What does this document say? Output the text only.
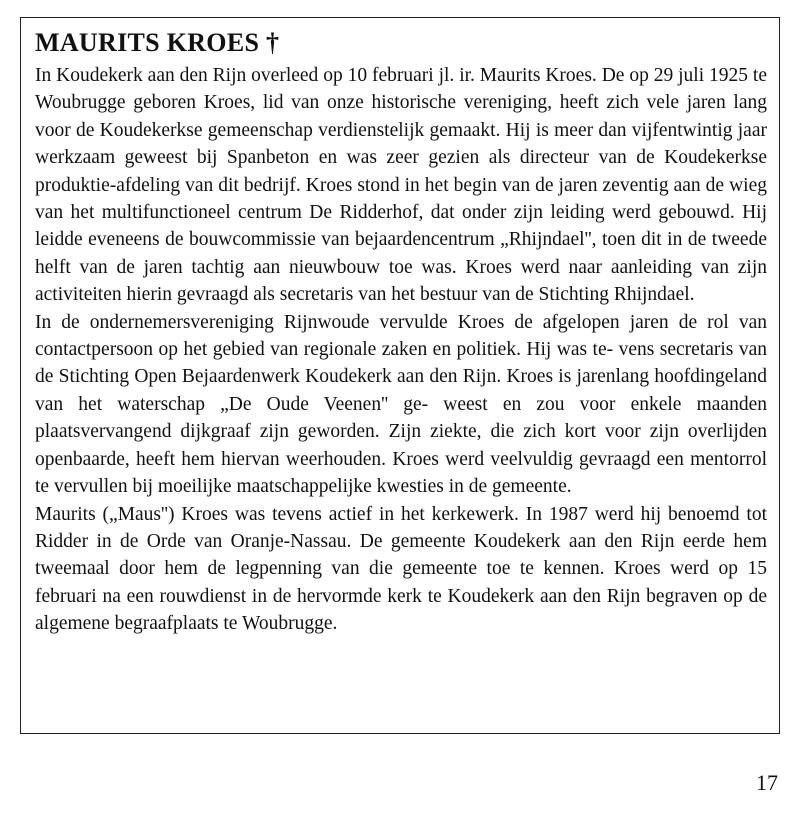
MAURITS KROES †

In Koudekerk aan den Rijn overleed op 10 februari jl. ir. Maurits Kroes. De op 29 juli 1925 te Woubrugge geboren Kroes, lid van onze historische vereniging, heeft zich vele jaren lang voor de Koudekerkse gemeenschap verdienstelijk gemaakt. Hij is meer dan vijfentwintig jaar werkzaam geweest bij Spanbeton en was zeer gezien als directeur van de Koudekerkse produktie-afdeling van dit bedrijf. Kroes stond in het begin van de jaren zeventig aan de wieg van het multifunctioneel centrum De Ridderhof, dat onder zijn leiding werd gebouwd. Hij leidde eveneens de bouwcommissie van bejaardencentrum „Rhijndael'', toen dit in de tweede helft van de jaren tachtig aan nieuwbouw toe was. Kroes werd naar aanleiding van zijn activiteiten hierin gevraagd als secretaris van het bestuur van de Stichting Rhijndael.

In de ondernemersvereniging Rijnwoude vervulde Kroes de afgelopen jaren de rol van contactpersoon op het gebied van regionale zaken en politiek. Hij was te- vens secretaris van de Stichting Open Bejaardenwerk Koudekerk aan den Rijn. Kroes is jarenlang hoofdingeland van het waterschap „De Oude Veenen'' ge- weest en zou voor enkele maanden plaatsvervangend dijkgraaf zijn geworden. Zijn ziekte, die zich kort voor zijn overlijden openbaarde, heeft hem hiervan weerhouden. Kroes werd veelvuldig gevraagd een mentorrol te vervullen bij moeilijke maatschappelijke kwesties in de gemeente.

Maurits („Maus'') Kroes was tevens actief in het kerkewerk. In 1987 werd hij benoemd tot Ridder in de Orde van Oranje-Nassau. De gemeente Koudekerk aan den Rijn eerde hem tweemaal door hem de legpenning van die gemeente toe te kennen. Kroes werd op 15 februari na een rouwdienst in de hervormde kerk te Koudekerk aan den Rijn begraven op de algemene begraafplaats te Woubrugge.

17
